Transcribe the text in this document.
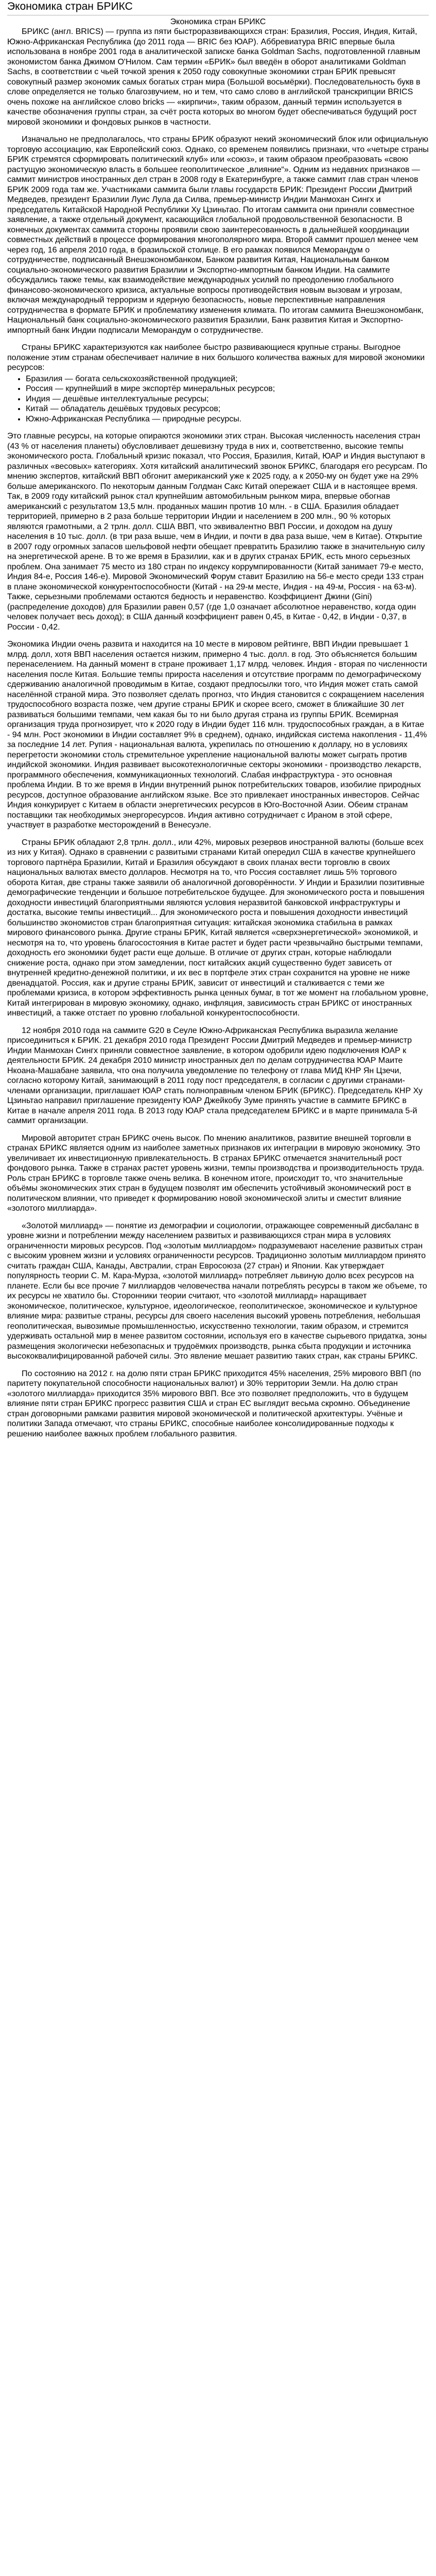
Экономика стран БРИКС
Экономика стран БРИКС

БРИКС (англ. BRICS) — группа из пяти быстроразвивающихся стран: Бразилия, Россия, Индия, Китай, Южно-Африканская Республика (до 2011 года — BRIC без ЮАР). Аббревиатура BRIC впервые была использована в ноябре 2001 года в аналитической записке банка Goldman Sachs, подготовленной главным экономистом банка Джимом О'Нилом. Сам термин «БРИК» был введён в оборот аналитиками Goldman Sachs, в соответствии с чьей точкой зрения к 2050 году совокупные экономики стран БРИК превысят совокупный размер экономик самых богатых стран мира (Большой восьмёрки). Последовательность букв в слове определяется не только благозвучием, но и тем, что само слово в английской транскрипции BRICS очень похоже на английское слово bricks — «кирпичи», таким образом, данный термин используется в качестве обозначения группы стран, за счёт роста которых во многом будет обеспечиваться будущий рост мировой экономики и фондовых рынков в частности.

Изначально не предполагалось, что страны БРИК образуют некий экономический блок или официальную торговую ассоциацию, как Европейский союз. Однако, со временем появились признаки, что «четыре страны БРИК стремятся сформировать политический клуб» или «союз», и таким образом преобразовать «свою растущую экономическую власть в большее геополитическое „влияние“». Одним из недавних признаков — саммит министров иностранных дел стран в 2008 году в Екатеринбурге, а также саммит глав стран членов БРИК 2009 года там же. Участниками саммита были главы государств БРИК: Президент России Дмитрий Медведев, президент Бразилии Луис Лула да Силва, премьер-министр Индии Манмохан Сингх и председатель Китайской Народной Республики Ху Цзиньтао. По итогам саммита они приняли совместное заявление, а также отдельный документ, касающийся глобальной продовольственной безопасности. В конечных документах саммита стороны проявили свою заинтересованность в дальнейшей координации совместных действий в процессе формирования многополярного мира. Второй саммит прошел менее чем через год, 16 апреля 2010 года, в бразильской столице. В его рамках появился Меморандум о сотрудничестве, подписанный Внешэкономбанком, Банком развития Китая, Национальным банком социально-экономического развития Бразилии и Экспортно-импортным банком Индии. На саммите обсуждались также темы, как взаимодействие международных усилий по преодолению глобального финансово-экономического кризиса, актуальные вопросы противодействия новым вызовам и угрозам, включая международный терроризм и ядерную безопасность, новые перспективные направления сотрудничества в формате БРИК и проблематику изменения климата. По итогам саммита Внешэкономбанк, Национальный банк социально-экономического развития Бразилии, Банк развития Китая и Экспортно-импортный банк Индии подписали Меморандум о сотрудничестве.

Страны БРИКС характеризуются как наиболее быстро развивающиеся крупные страны. Выгодное положение этим странам обеспечивает наличие в них большого количества важных для мировой экономики ресурсов:

• Бразилия — богата сельскохозяйственной продукцией;
• Россия — крупнейший в мире экспортёр минеральных ресурсов;
• Индия — дешёвые интеллектуальные ресурсы;
• Китай — обладатель дешёвых трудовых ресурсов;
• Южно-Африканская Республика — природные ресурсы.

Это главные ресурсы, на которые опираются экономики этих стран. Высокая численность населения стран (43 % от населения планеты) обусловливает дешевизну труда в них и, соответственно, высокие темпы экономического роста. Глобальный кризис показал, что Россия, Бразилия, Китай, ЮАР и Индия выступают в различных «весовых» категориях. Хотя китайский аналитический звонок БРИКС, благодаря его ресурсам. По мнению экспертов, китайский ВВП обгонит американский уже к 2025 году, а к 2050-му он будет уже на 29% больше американского. По некоторым данным Голдман Сакс Китай опережает США и в настоящее время. Так, в 2009 году китайский рынок стал крупнейшим автомобильным рынком мира, впервые обогнав американский с результатом 13,5 млн. проданных машин против 10 млн. - в США. Бразилия обладает территорией, примерно в 2 раза больше территории Индии и населением в 200 млн., 90 % которых являются грамотными, а 2 трлн. долл. США ВВП, что эквивалентно ВВП России, и доходом на душу населения в 10 тыс. долл. (в три раза выше, чем в Индии, и почти в два раза выше, чем в Китае). Открытие в 2007 году огромных запасов шельфовой нефти обещает превратить Бразилию также в значительную силу на энергетической арене. В то же время в Бразилии, как и в других странах БРИК, есть много серьезных проблем. Она занимает 75 место из 180 стран по индексу коррумпированности (Китай занимает 79-е место, Индия 84-е, Россия 146-е). Мировой Экономический Форум ставит Бразилию на 56-е место среди 133 стран в плане экономической конкурентоспособности (Китай - на 29-м месте, Индия - на 49-м, Россия - на 63-м). Также, серьезными проблемами остаются бедность и неравенство. Коэффициент Джини (Gini) (распределение доходов) для Бразилии равен 0,57 (где 1,0 означает абсолютное неравенство, когда один человек получает весь доход); в США данный коэффициент равен 0,45, в Китае - 0,42, в Индии - 0,37, в России - 0,42.

Экономика Индии очень развита и находится на 10 месте в мировом рейтинге, ВВП Индии превышает 1 млрд. долл, хотя ВВП населения остается низким, примерно 4 тыс. долл. в год. Это объясняется большим перенаселением. На данный момент в стране проживает 1,17 млрд. человек. Индия - вторая по численности населения после Китая. Большие темпы прироста населения и отсутствие программ по демографическому сдерживанию аналогичной проводимым в Китае, создают предпосылки того, что Индия может стать самой населённой страной мира. Это позволяет сделать прогноз, что Индия становится с сокращением населения трудоспособного возраста позже, чем другие страны БРИК и скорее всего, сможет в ближайшие 30 лет развиваться большими темпами, чем какая бы то ни было другая страна из группы БРИК. Всемирная организация труда прогнозирует, что к 2020 году в Индии будет 116 млн. трудоспособных граждан, а в Китае - 94 млн. Рост экономики в Индии составляет 9% в среднем), однако, индийская система накопления - 11,4% за последние 14 лет. Рупия - национальная валюта, укрепилась по отношению к доллару, но в условиях перегретости экономики столь стремительное укрепление национальной валюты может сыграть против индийской экономики. Индия развивает высокотехнологичные секторы экономики - производство лекарств, программного обеспечения, коммуникационных технологий. Слабая инфраструктура - это основная проблема Индии. В то же время в Индии внутренний рынок потребительских товаров, изобилие природных ресурсов, доступное образование английском языке. Все это привлекает иностранных инвесторов. Сейчас Индия конкурирует с Китаем в области энергетических ресурсов в Юго-Восточной Азии. Обеим странам поставщики так необходимых энергоресурсов. Индия активно сотрудничает с Ираном в этой сфере, участвует в разработке месторождений в Венесуэле.

Страны БРИК обладают 2,8 трлн. долл., или 42%, мировых резервов иностранной валюты (больше всех из них у Китая). Однако в сравнении с развитыми странами Китай опередил США в качестве крупнейшего торгового партнёра Бразилии, Китай и Бразилия обсуждают в своих планах вести торговлю в своих национальных валютах вместо долларов. Несмотря на то, что Россия составляет лишь 5% торгового оборота Китая, две страны также заявили об аналогичной договорённости. У Индии и Бразилии позитивные демографические тенденции и большое потребительское будущее. Для экономического роста и повышения доходности инвестиций благоприятными являются условия неразвитой банковской инфраструктуры и достатка, высокие темпы инвестиций... Для экономического роста и повышения доходности инвестиций большинство экономистов стран благоприятная ситуация: китайская экономика стабильна в рамках мирового финансового рынка. Другие страны БРИК, Китай является «сверхэнергетической» экономикой, и несмотря на то, что уровень благосостояния в Китае растет и будет расти чрезвычайно быстрыми темпами, доходность его экономики будет расти еще дольше. В отличие от других стран, которые наблюдали снижение роста, однако при этом замедлении, пост китайских акций существенно будет зависеть от внутренней кредитно-денежной политики, и их вес в портфеле этих стран сохранится на уровне не ниже двенадцатой. Россия, как и другие страны БРИК, зависит от инвестиций и сталкивается с теми же проблемами кризиса, в котором эффективность рынка ценных бумаг, в тот же момент на глобальном уровне, Китай интегрирован в мировую экономику, однако, инфляция, зависимость стран БРИКС от иностранных инвестиций, а также отстает по уровню глобальной конкурентоспособности.

12 ноября 2010 года на саммите G20 в Сеуле Южно-Африканская Республика выразила желание присоединиться к БРИК. 21 декабря 2010 года Президент России Дмитрий Медведев и премьер-министр Индии Манмохан Сингх приняли совместное заявление, в котором одобрили идею подключения ЮАР к деятельности БРИК. 24 декабря 2010 министр иностранных дел по делам сотрудничества ЮАР Маите Нкоана-Машабане заявила, что она получила уведомление по телефону от глава МИД КНР Ян Цзечи, согласно которому Китай, занимающий в 2011 году пост председателя, в согласии с другими странами-членами организации, приглашает ЮАР стать полноправным членом БРИК (БРИКС). Председатель КНР Ху Цзиньтао направил приглашение президенту ЮАР Джейкобу Зуме принять участие в саммите БРИКС в Китае в начале апреля 2011 года. В 2013 году ЮАР стала председателем БРИКС и в марте принимала 5-й саммит организации.

Мировой авторитет стран БРИКС очень высок. По мнению аналитиков, развитие внешней торговли в странах БРИКС является одним из наиболее заметных признаков их интеграции в мировую экономику. Это увеличивает их инвестиционную привлекательность. В странах БРИКС отмечается значительный рост фондового рынка. Также в странах растет уровень жизни, темпы производства и производительность труда. Роль стран БРИКС в торговле также очень велика. В конечном итоге, происходит то, что значительные объёмы экономических этих стран в будущем позволят им обеспечить устойчивый экономический рост в политическом влиянии, что приведет к формированию новой экономической элиты и сместит влияние «золотого миллиарда».

«Золотой миллиард» — понятие из демографии и социологии, отражающее современный дисбаланс в уровне жизни и потреблении между населением развитых и развивающихся стран мира в условиях ограниченности мировых ресурсов. Под «золотым миллиардом» подразумевают население развитых стран с высоким уровнем жизни и условиях ограниченности ресурсов. Традиционно золотым миллиардом принято считать граждан США, Канады, Австралии, стран Евросоюза (27 стран) и Японии. Как утверждает популярность теории С. М. Кара-Мурза, «золотой миллиард» потребляет львиную долю всех ресурсов на планете. Если бы все прочие 7 миллиардов человечества начали потреблять ресурсы в таком же объеме, то их ресурсы не хватило бы. Сторонники теории считают, что «золотой миллиард» наращивает экономическое, политическое, культурное, идеологическое, геополитическое, экономическое и культурное влияние мира: развитые страны, ресурсы для своего населения высокий уровень потребления, небольшая геополитическая, вывозимые промышленностью, искусственно технологии, таким образом, и стремится удерживать остальной мир в менее развитом состоянии, используя его в качестве сырьевого придатка, зоны размещения экологически небезопасных и трудоёмких производств, рынка сбыта продукции и источника высококвалифицированной рабочей силы. Это явление мешает развитию таких стран, как страны БРИКС.

По состоянию на 2012 г. на долю пяти стран БРИКС приходится 45% населения, 25% мирового ВВП (по паритету покупательной способности национальных валют) и 30% территории Земли. На долю стран «золотого миллиарда» приходится 35% мирового ВВП. Все это позволяет предположить, что в будущем влияние пяти стран БРИКС прогресс развития США и стран ЕС выглядит весьма скромно. Объединение стран договорными рамками развития мировой экономической и политической архитектуры. Учёные и политики Запада отмечают, что страны БРИКС, способные наиболее консолидированные подходы к решению наиболее важных проблем глобального развития.
